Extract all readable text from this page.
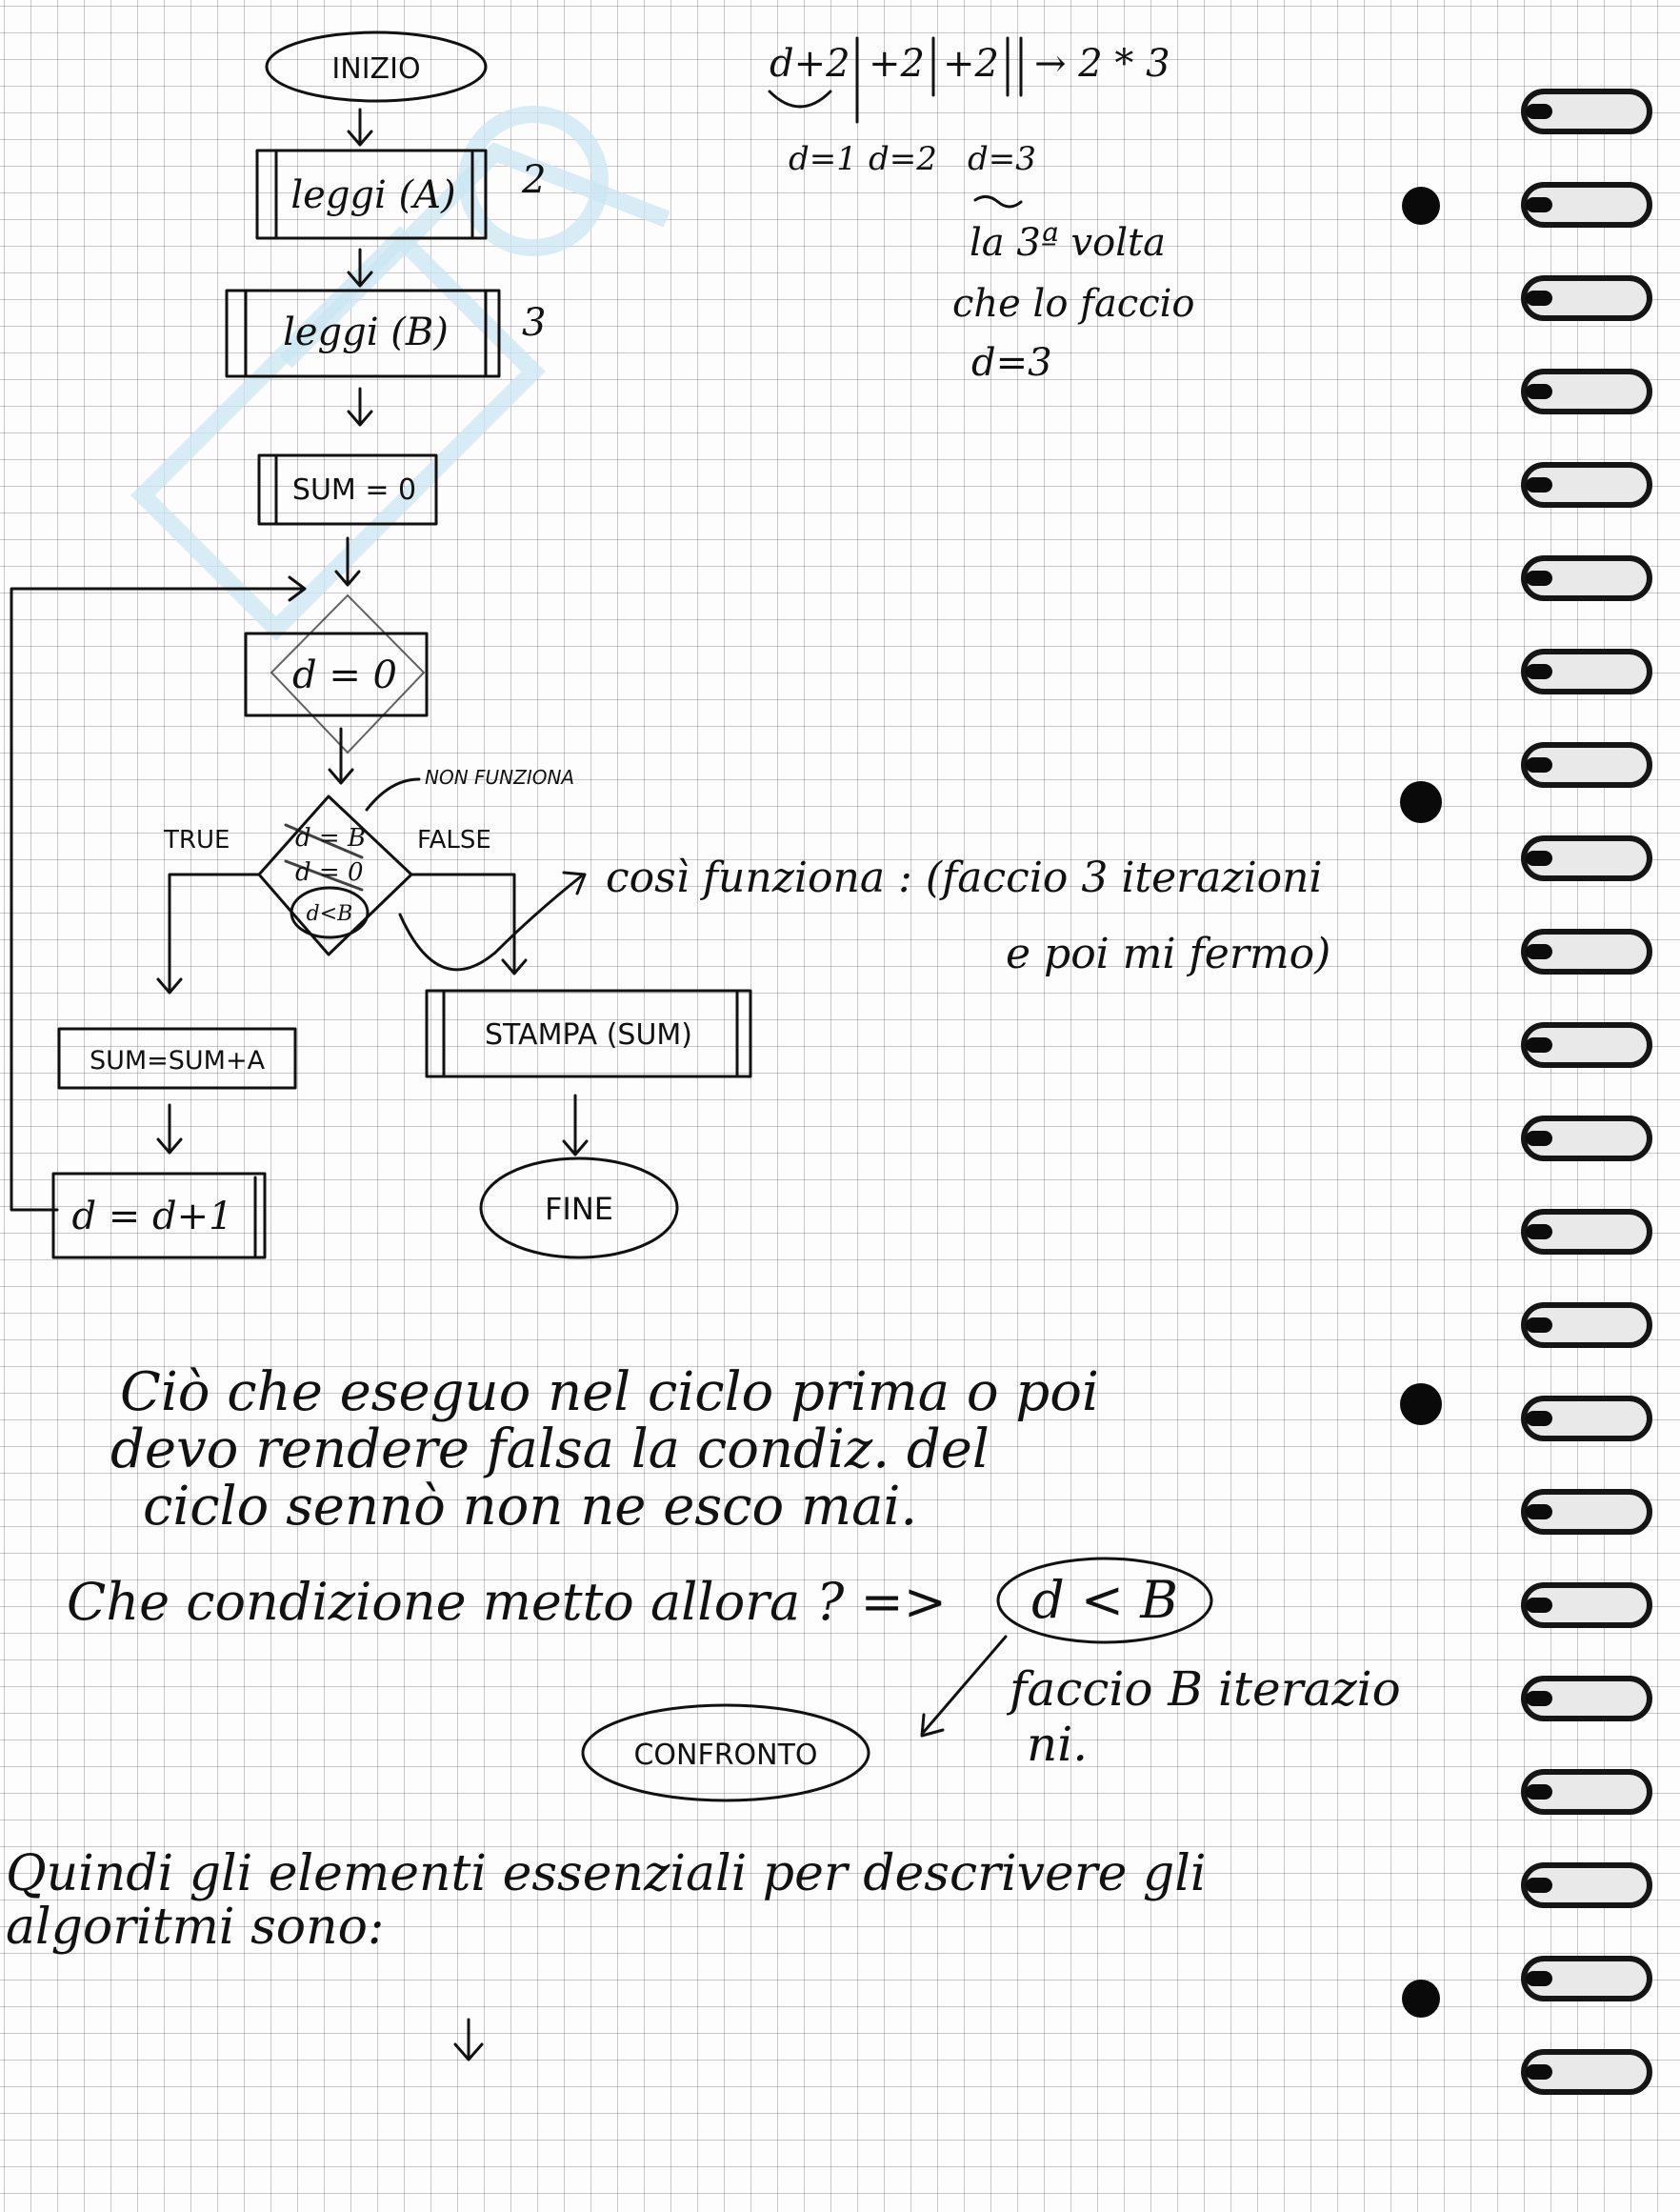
INIZIO
leggi (A) 2
leggi (B) 3
SUM = 0
d = 0
d = B
d = 0
d<B
NON FUNZIONA
TRUE
SUM=SUM+A
d = d+1
FALSE
STAMPA (SUM)
FINE
d+2 +2 +2 → 2 * 3
d=1 d=2 d=3
la 3ª volta
che lo faccio
d=3
così funziona : (faccio 3 iterazioni
e poi mi fermo)
Ciò che eseguo nel ciclo prima o poi
devo rendere falsa la condiz. del
ciclo sennò non ne esco mai.
Che condizione metto allora ? => d < B
faccio B iterazio
ni.
CONFRONTO
Quindi gli elementi essenziali per descrivere gli
algoritmi sono:
